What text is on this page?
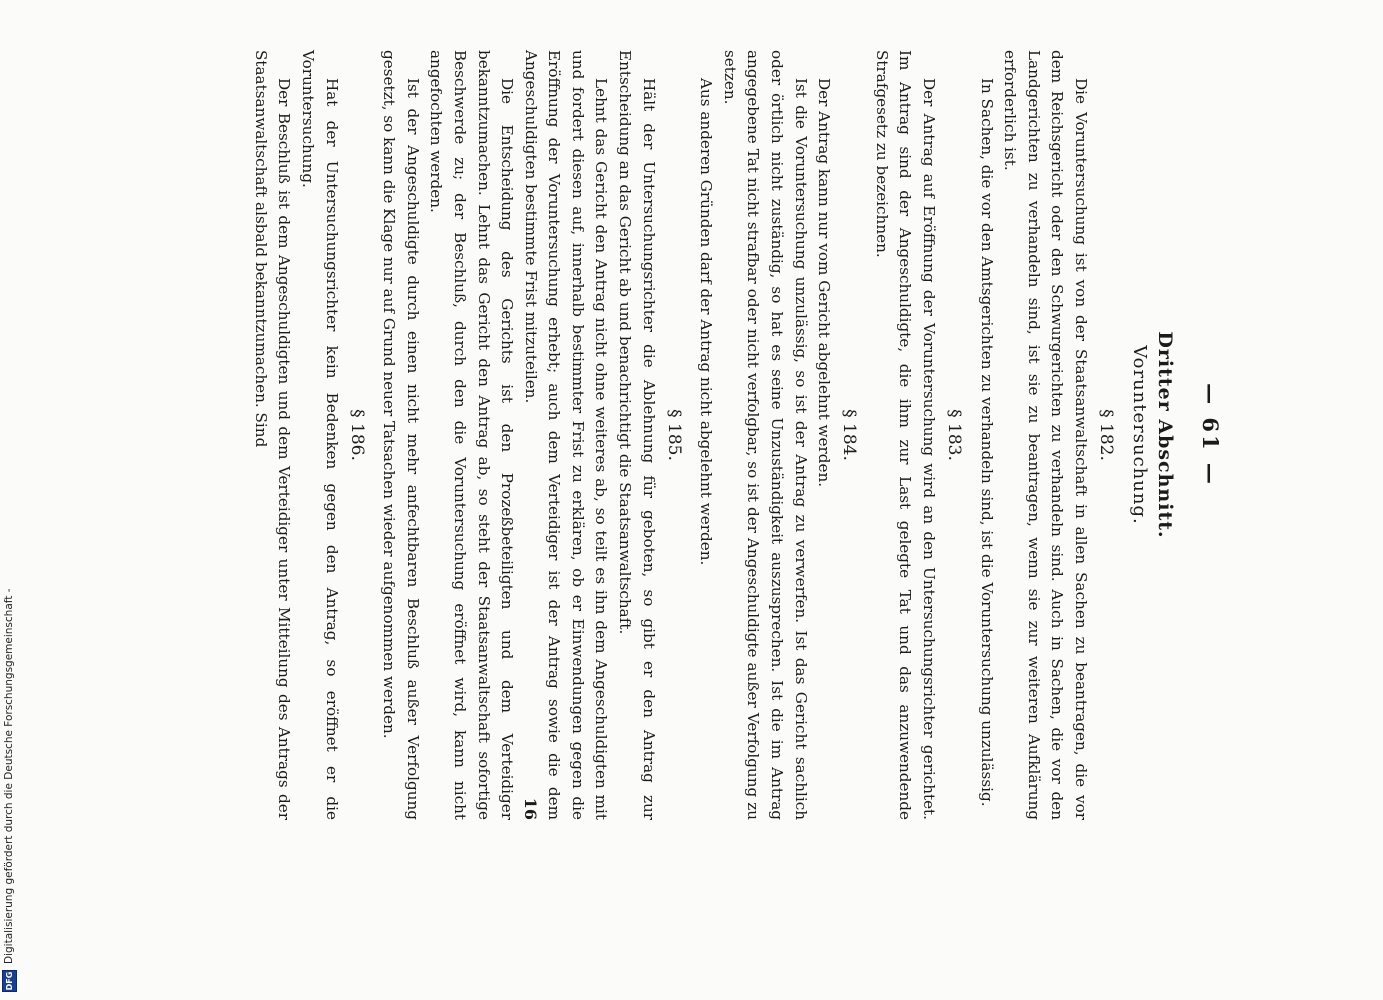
— 61 —
Dritter Abschnitt.
Voruntersuchung.
§ 182.

Die Voruntersuchung ist von der Staatsanwaltschaft in allen Sachen zu beantragen, die vor dem Reichsgericht oder den Schwurgerichten zu verhandeln sind. Auch in Sachen, die vor den Landgerichten zu verhandeln sind, ist sie zu beantragen, wenn sie zur weiteren Aufklärung erforderlich ist.

In Sachen, die vor den Amtsgerichten zu verhandeln sind, ist die Voruntersuchung unzulässig.

§ 183.

Der Antrag auf Eröffnung der Voruntersuchung wird an den Untersuchungsrichter gerichtet. Im Antrag sind der Angeschuldigte, die ihm zur Last gelegte Tat und das anzuwendende Strafgesetz zu bezeichnen.

§ 184.

Der Antrag kann nur vom Gericht abgelehnt werden.

Ist die Voruntersuchung unzulässig, so ist der Antrag zu verwerfen. Ist das Gericht sachlich oder örtlich nicht zuständig, so hat es seine Unzuständigkeit auszusprechen. Ist die im Antrag angegebene Tat nicht strafbar oder nicht verfolgbar, so ist der Angeschuldigte außer Verfolgung zu setzen.

Aus anderen Gründen darf der Antrag nicht abgelehnt werden.

§ 185.

Hält der Untersuchungsrichter die Ablehnung für geboten, so gibt er den Antrag zur Entscheidung an das Gericht ab und benachrichtigt die Staatsanwaltschaft.

Lehnt das Gericht den Antrag nicht ohne weiteres ab, so teilt es ihn dem Angeschuldigten mit und fordert diesen auf, innerhalb bestimmter Frist zu erklären, ob er Einwendungen gegen die Eröffnung der Voruntersuchung erhebt; auch dem Verteidiger ist der Antrag sowie die dem Angeschuldigten bestimmte Frist mitzuteilen.

Die Entscheidung des Gerichts ist den Prozeßbeteiligten und dem Verteidiger bekanntzumachen. Lehnt das Gericht den Antrag ab, so steht der Staatsanwaltschaft sofortige Beschwerde zu; der Beschluß, durch den die Voruntersuchung eröffnet wird, kann nicht angefochten werden.

Ist der Angeschuldigte durch einen nicht mehr anfechtbaren Beschluß außer Verfolgung gesetzt, so kann die Klage nur auf Grund neuer Tatsachen wieder aufgenommen werden.

§ 186.

Hat der Untersuchungsrichter kein Bedenken gegen den Antrag, so eröffnet er die Voruntersuchung.

Der Beschluß ist dem Angeschuldigten und dem Verteidiger unter Mitteilung des Antrags der Staatsanwaltschaft alsbald bekanntzumachen. Sind

16
DFG
Digitalisierung gefördert durch die Deutsche Forschungsgemeinschaft -
